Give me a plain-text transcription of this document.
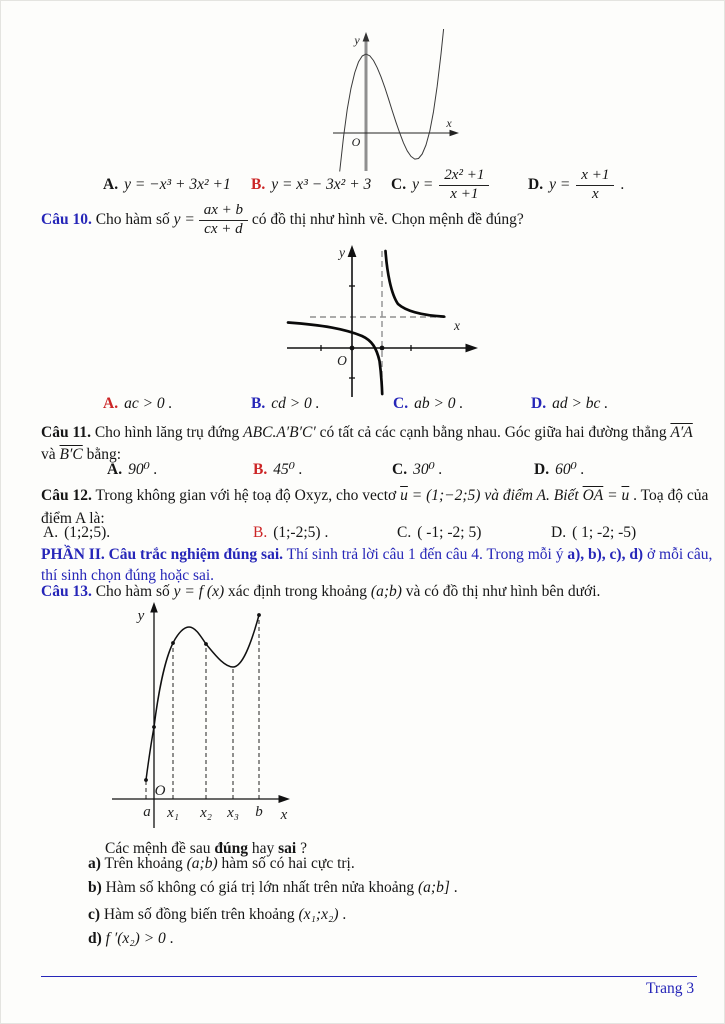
y
x
O
A. y = −x³ + 3x² +1 B. y = x³ − 3x² + 3 C. $y = \frac{\text{2x² +1}}{x +1} D$. $y = \frac{x +1}{x}$ .
Câu 10. Cho hàm số $y = \frac{ax + b}{cx + d}$ có đồ thị như hình vẽ. Chọn mệnh đề đúng?
y
x
O
A. ac > 0 .	B. cd > 0 .	C. ab > 0 .	D. ad > bc .
Câu 11. Cho hình lăng trụ đứng ABC.A′B′C′ có tất cả các cạnh bằng nhau. Góc giữa hai đường thẳng A′A
và B′C bằng:
A. 90⁰ .	B. 45⁰ .	C. 30⁰ .	D. 60⁰ .
Câu 12. Trong không gian với hệ toạ độ Oxyz, cho vectơ $\overline{u}$ = (1;−2;5) và điểm A. Biết $\overline{OA} = \overline{u}$ . Toạ độ của
điểm A là:
A. (1;2;5).	B. (1;-2;5) .	C. ( -1; -2; 5)	D. ( 1; -2; -5)
PHẦN II. Câu trắc nghiệm đúng sai. Thí sinh trả lời câu 1 đến câu 4. Trong mỗi ý a), b), c), d) ở mỗi câu,
thí sinh chọn đúng hoặc sai.
Câu 13. Cho hàm số y = f (x) xác định trong khoảng (a;b) và có đồ thị như hình bên dưới.
y
x
O
a x₁ x₂ x₃ b
Các mệnh đề sau đúng hay sai ?
a) Trên khoảng (a;b) hàm số có hai cực trị.
b) Hàm số không có giá trị lớn nhất trên nửa khoảng (a;b] .
c) Hàm số đồng biến trên khoảng (x₁;x₂) .
d) f ′(x₂) > 0 .
Trang 3
